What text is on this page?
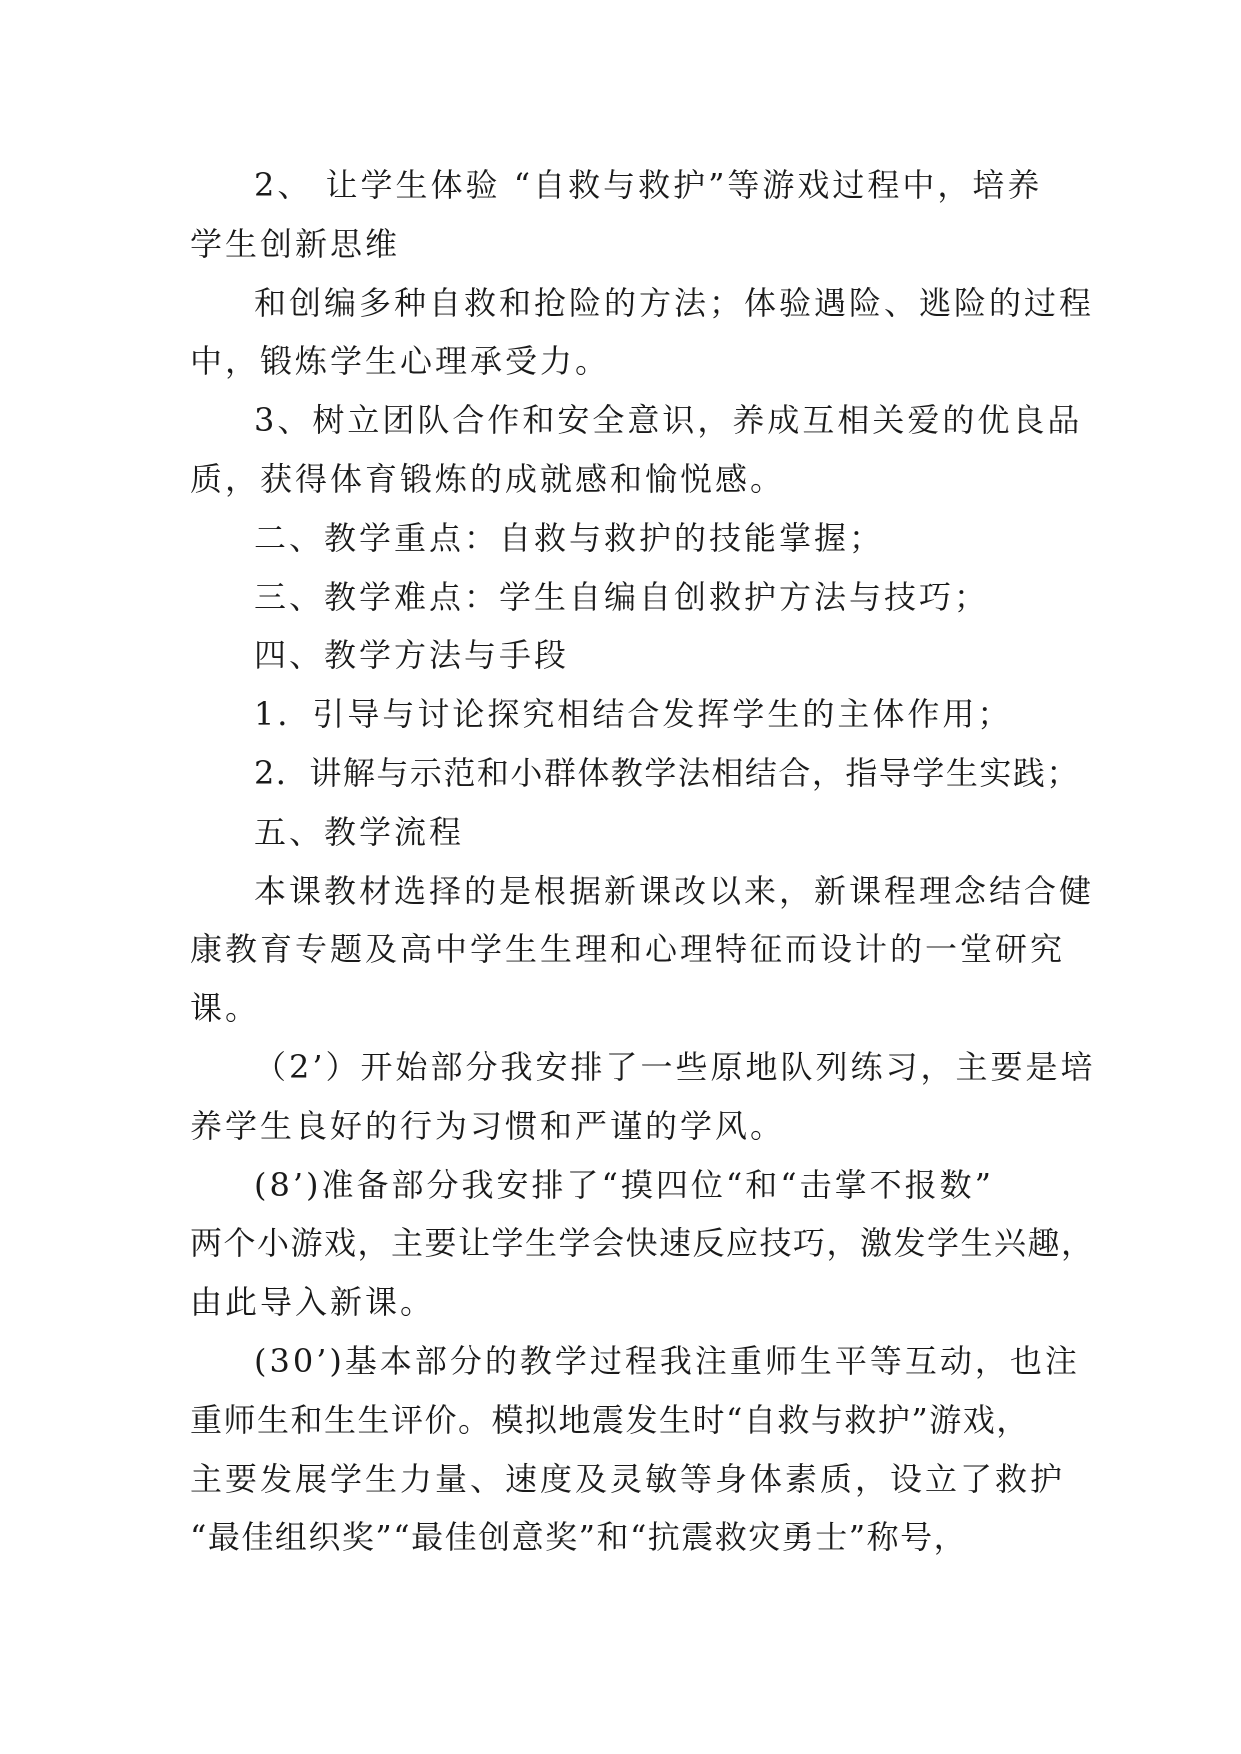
2、 让学生体验 “自救与救护”等游戏过程中，培养
学生创新思维
和创编多种自救和抢险的方法；体验遇险、逃险的过程
中，锻炼学生心理承受力。
3、树立团队合作和安全意识，养成互相关爱的优良品
质，获得体育锻炼的成就感和愉悦感。
二、教学重点：自救与救护的技能掌握；
三、教学难点：学生自编自创救护方法与技巧；
四、教学方法与手段
1．引导与讨论探究相结合发挥学生的主体作用；
2．讲解与示范和小群体教学法相结合，指导学生实践；
五、教学流程
本课教材选择的是根据新课改以来，新课程理念结合健
康教育专题及高中学生生理和心理特征而设计的一堂研究
课。
（2’）开始部分我安排了一些原地队列练习，主要是培
养学生良好的行为习惯和严谨的学风。
(8’)准备部分我安排了“摸四位“和“击掌不报数”
两个小游戏，主要让学生学会快速反应技巧，激发学生兴趣，
由此导入新课。
(30’)基本部分的教学过程我注重师生平等互动，也注
重师生和生生评价。模拟地震发生时“自救与救护”游戏，
主要发展学生力量、速度及灵敏等身体素质，设立了救护
“最佳组织奖”“最佳创意奖”和“抗震救灾勇士”称号，
